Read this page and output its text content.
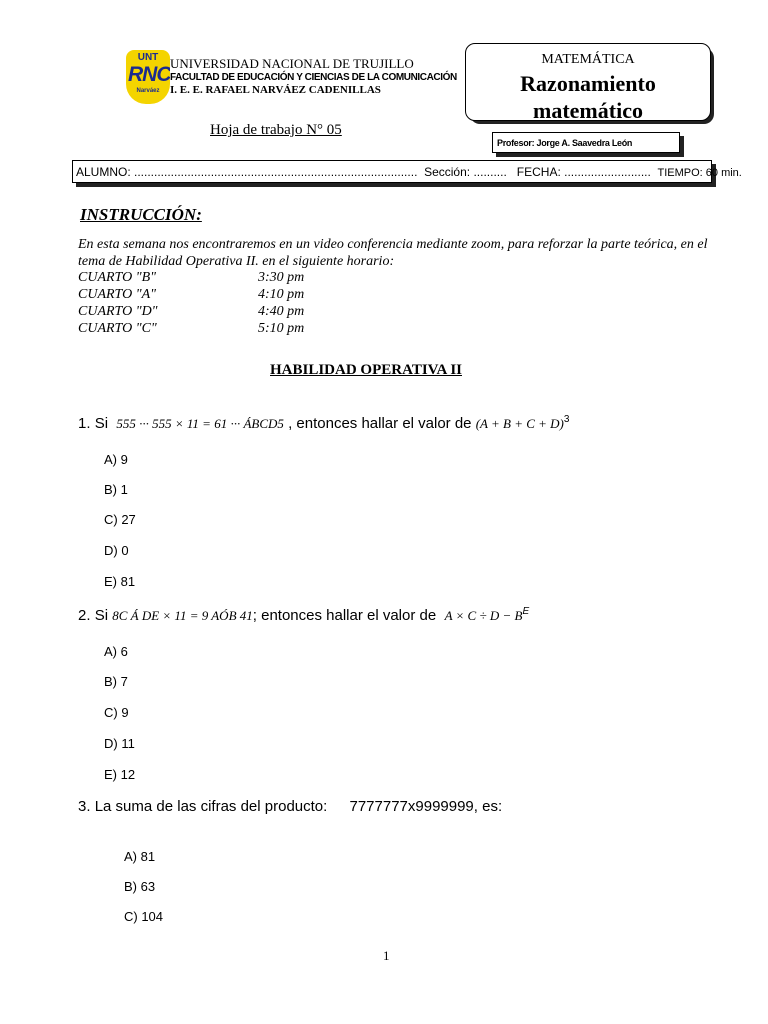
UNT
RNC
Narváez
UNIVERSIDAD NACIONAL DE TRUJILLO
FACULTAD DE EDUCACIÓN Y CIENCIAS DE LA COMUNICACIÓN
I. E. E. RAFAEL NARVÁEZ CADENILLAS
MATEMÁTICA
Razonamiento matemático
Hoja de trabajo N° 05
Profesor: Jorge A. Saavedra León
ALUMNO: ..................................................................................... Sección: .......... FECHA: .......................... TIEMPO: 60 min.
INSTRUCCIÓN:
En esta semana nos encontraremos en un video conferencia mediante zoom, para reforzar la parte teórica, en el tema de Habilidad Operativa II. en el siguiente horario:
CUARTO "B"	3:30 pm
CUARTO "A"	4:10 pm
CUARTO "D"	4:40 pm
CUARTO "C"	5:10 pm
HABILIDAD OPERATIVA II
1. Si 555 ··· 555 × 11 = 61 ··· ÁBCD5 , entonces hallar el valor de $(A + B + C + D)^3$
A) 9
B) 1
C) 27
D) 0
E) 81
2. Si 8C Á DE × 11 = 9 AÓB 41; entonces hallar el valor de $A \times C \div D - B^E$
A) 6
B) 7
C) 9
D) 11
E) 12
3. La suma de las cifras del producto: 7777777x9999999, es:
A) 81
B) 63
C) 104
1
